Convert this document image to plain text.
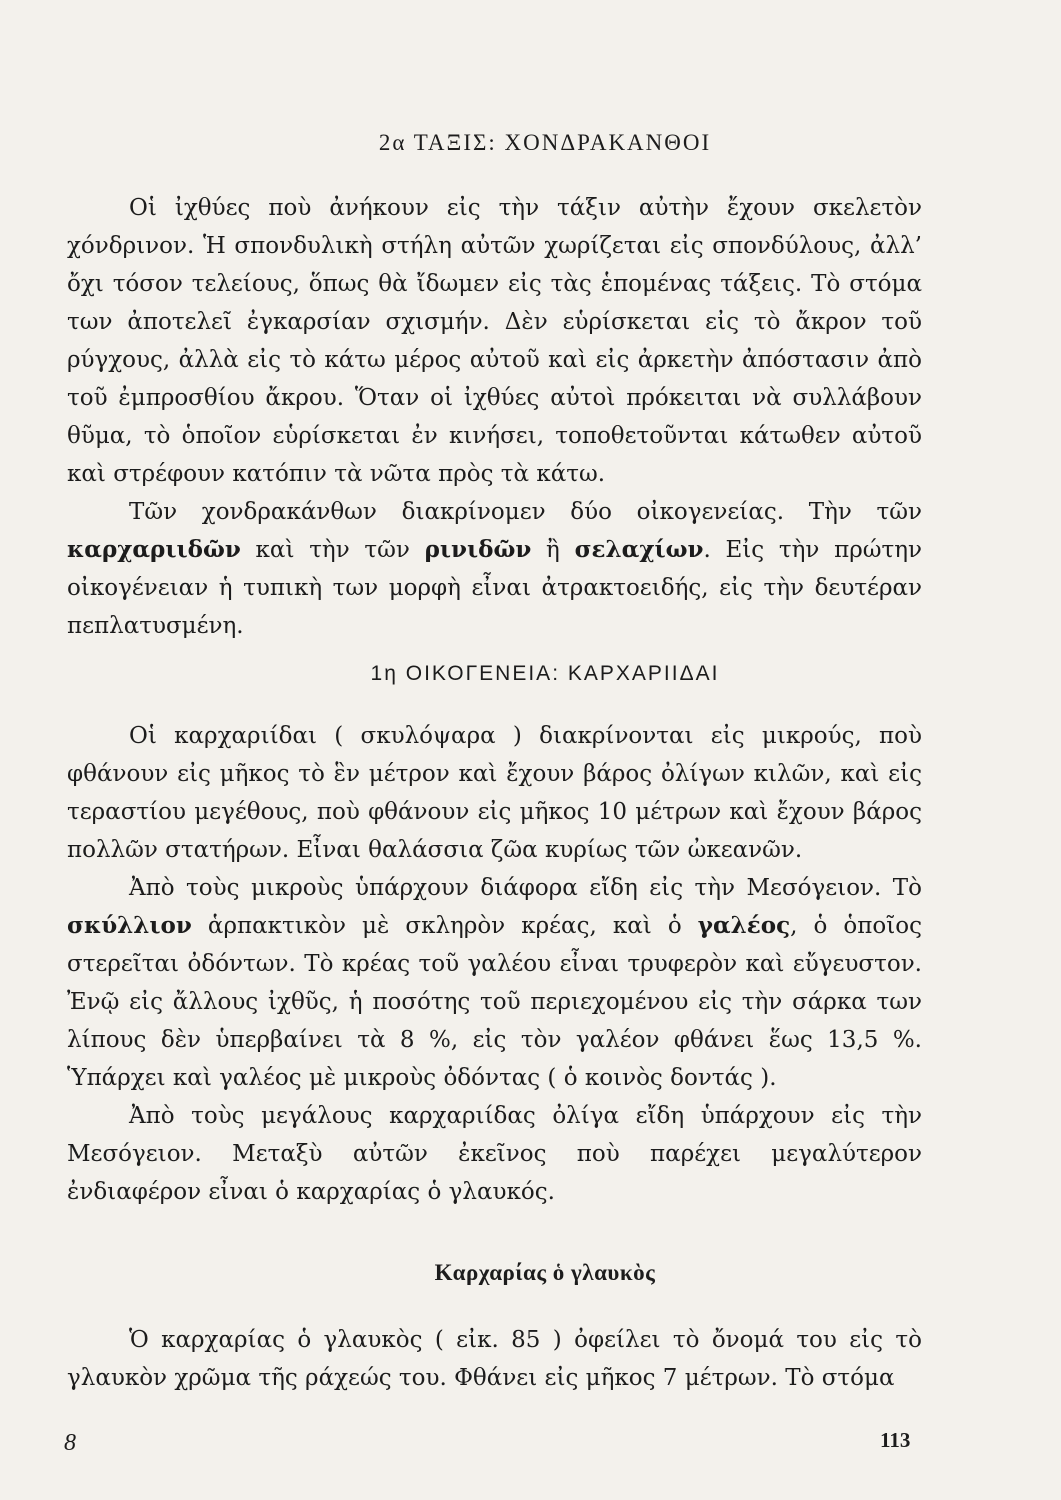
2α ΤΑΞΙΣ: ΧΟΝΔΡΑΚΑΝΘΟΙ

Οἱ ἰχθύες ποὺ ἀνήκουν εἰς τὴν τάξιν αὐτὴν ἔχουν σκελετὸν χόνδρινον. Ἡ σπονδυλικὴ στήλη αὐτῶν χωρίζεται εἰς σπονδύλους, ἀλλ’ ὄχι τόσον τελείους, ὅπως θὰ ἴδωμεν εἰς τὰς ἑπομένας τάξεις. Τὸ στόμα των ἀποτελεῖ ἐγκαρσίαν σχισμήν. Δὲν εὑρίσκεται εἰς τὸ ἄκρον τοῦ ρύγχους, ἀλλὰ εἰς τὸ κάτω μέρος αὐτοῦ καὶ εἰς ἀρκετὴν ἀπόστασιν ἀπὸ τοῦ ἐμπροσθίου ἄκρου. Ὅταν οἱ ἰχθύες αὐτοὶ πρόκειται νὰ συλλάβουν θῦμα, τὸ ὁποῖον εὑρίσκεται ἐν κινήσει, τοποθετοῦνται κάτωθεν αὐτοῦ καὶ στρέφουν κατόπιν τὰ νῶτα πρὸς τὰ κάτω.

Τῶν χονδρακάνθων διακρίνομεν δύο οἰκογενείας. Τὴν τῶν καρχαριιδῶν καὶ τὴν τῶν ρινιδῶν ἢ σελαχίων. Εἰς τὴν πρώτην οἰκογένειαν ἡ τυπικὴ των μορφὴ εἶναι ἀτρακτοειδής, εἰς τὴν δευτέραν πεπλατυσμένη.

1η ΟΙΚΟΓΕΝΕΙΑ: ΚΑΡΧΑΡΙΙΔΑΙ

Οἱ καρχαριίδαι ( σκυλόψαρα ) διακρίνονται εἰς μικρούς, ποὺ φθάνουν εἰς μῆκος τὸ ἓν μέτρον καὶ ἔχουν βάρος ὀλίγων κιλῶν, καὶ εἰς τεραστίου μεγέθους, ποὺ φθάνουν εἰς μῆκος 10 μέτρων καὶ ἔχουν βάρος πολλῶν στατήρων. Εἶναι θαλάσσια ζῶα κυρίως τῶν ὠκεανῶν.

Ἀπὸ τοὺς μικροὺς ὑπάρχουν διάφορα εἴδη εἰς τὴν Μεσόγειον. Τὸ σκύλλιον ἁρπακτικὸν μὲ σκληρὸν κρέας, καὶ ὁ γαλέος, ὁ ὁποῖος στερεῖται ὀδόντων. Τὸ κρέας τοῦ γαλέου εἶναι τρυφερὸν καὶ εὔγευστον. Ἐνῷ εἰς ἄλλους ἰχθῦς, ἡ ποσότης τοῦ περιεχομένου εἰς τὴν σάρκα των λίπους δὲν ὑπερβαίνει τὰ 8 %, εἰς τὸν γαλέον φθάνει ἕως 13,5 %. Ὑπάρχει καὶ γαλέος μὲ μικροὺς ὀδόντας ( ὁ κοινὸς δοντάς ).

Ἀπὸ τοὺς μεγάλους καρχαριίδας ὀλίγα εἴδη ὑπάρχουν εἰς τὴν Μεσόγειον. Μεταξὺ αὐτῶν ἐκεῖνος ποὺ παρέχει μεγαλύτερον ἐνδιαφέρον εἶναι ὁ καρχαρίας ὁ γλαυκός.

Καρχαρίας ὁ γλαυκὸς

Ὁ καρχαρίας ὁ γλαυκὸς ( εἰκ. 85 ) ὀφείλει τὸ ὄνομά του εἰς τὸ γλαυκὸν χρῶμα τῆς ράχεώς του. Φθάνει εἰς μῆκος 7 μέτρων. Τὸ στόμα

8	113
